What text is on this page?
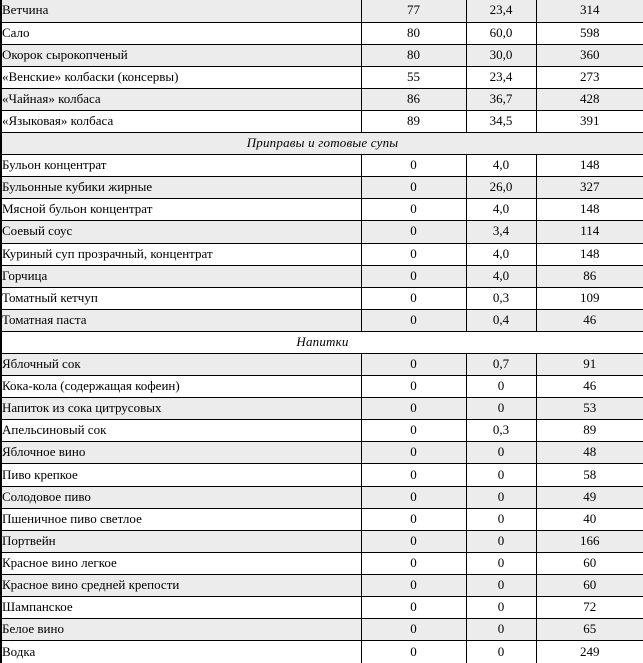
Ветчина	77	23,4	314
Сало	80	60,0	598
Окорок сырокопченый	80	30,0	360
«Венские» колбаски (консервы)	55	23,4	273
«Чайная» колбаса	86	36,7	428
«Языковая» колбаса	89	34,5	391
Приправы и готовые супы			
Бульон концентрат	0	4,0	148
Бульонные кубики жирные	0	26,0	327
Мясной бульон концентрат	0	4,0	148
Соевый соус	0	3,4	114
Куриный суп прозрачный, концентрат	0	4,0	148
Горчица	0	4,0	86
Томатный кетчуп	0	0,3	109
Томатная паста	0	0,4	46
Напитки			
Яблочный сок	0	0,7	91
Кока-кола (содержащая кофеин)	0	0	46
Напиток из сока цитрусовых	0	0	53
Апельсиновый сок	0	0,3	89
Яблочное вино	0	0	48
Пиво крепкое	0	0	58
Солодовое пиво	0	0	49
Пшеничное пиво светлое	0	0	40
Портвейн	0	0	166
Красное вино легкое	0	0	60
Красное вино средней крепости	0	0	60
Шампанское	0	0	72
Белое вино	0	0	65
Водка	0	0	249
